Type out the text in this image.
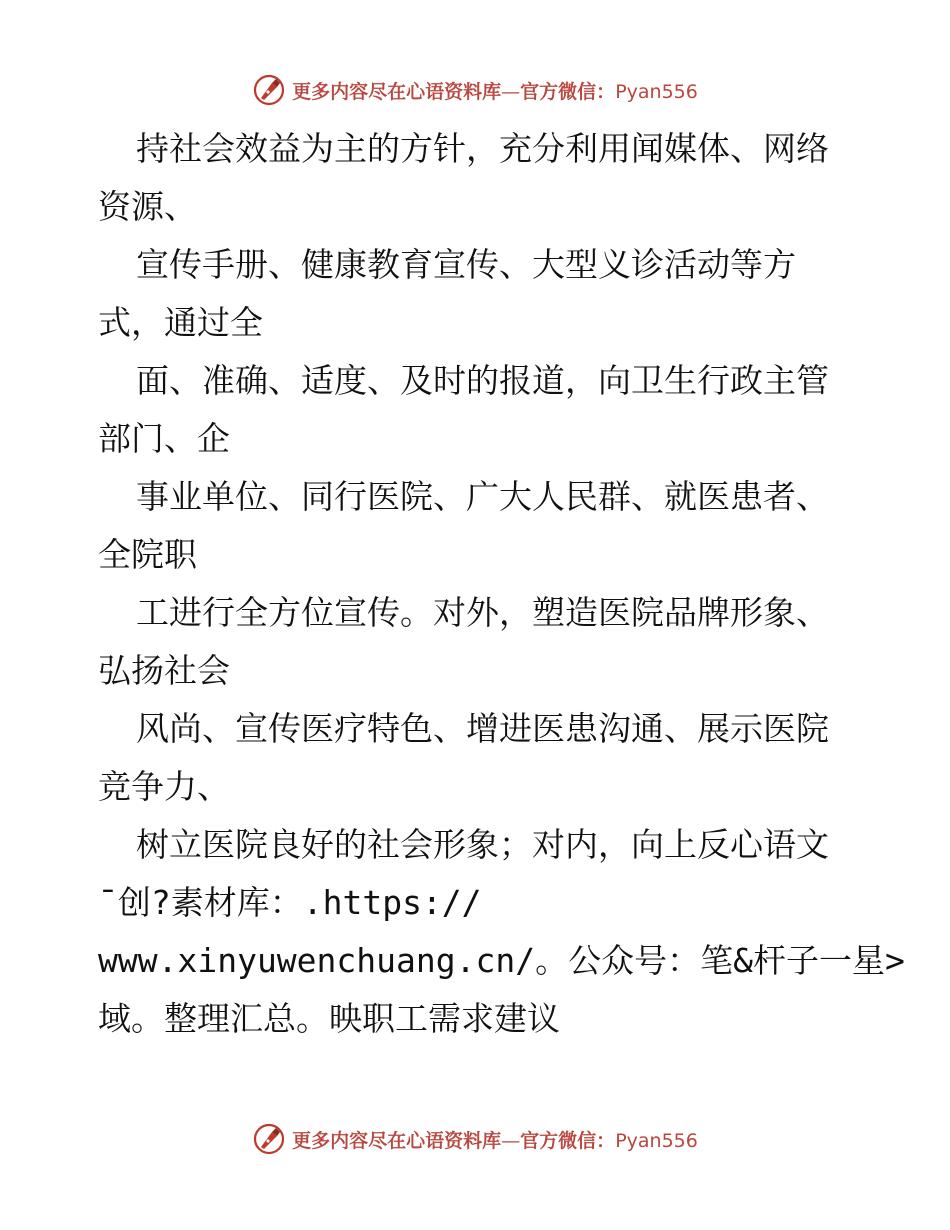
更多内容尽在心语资料库—官方微信：Pyan556
持社会效益为主的方针，充分利用闻媒体、网络
资源、
宣传手册、健康教育宣传、大型义诊活动等方
式，通过全
面、准确、适度、及时的报道，向卫生行政主管
部门、企
事业单位、同行医院、广大人民群、就医患者、
全院职
工进行全方位宣传。对外，塑造医院品牌形象、
弘扬社会
风尚、宣传医疗特色、增进医患沟通、展示医院
竞争力、
树立医院良好的社会形象；对内，向上反心语文
¯创?素材库：.https://
www.xinyuwenchuang.cn/。公众号：笔&杆子一星>
域。整理汇总。映职工需求建议
更多内容尽在心语资料库—官方微信：Pyan556
